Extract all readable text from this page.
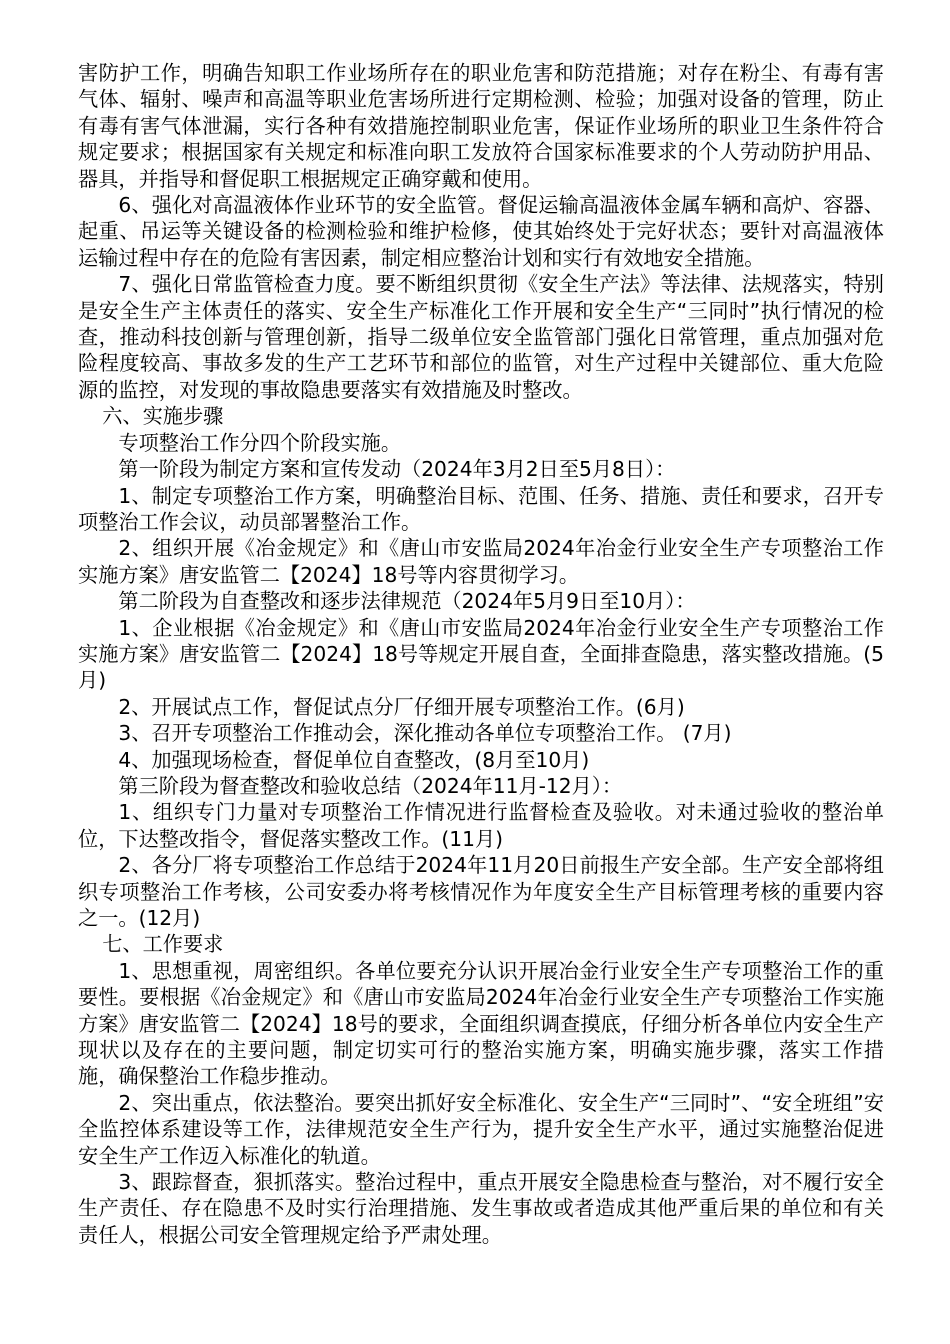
害防护工作，明确告知职工作业场所存在的职业危害和防范措施；对存在粉尘、有毒有害气体、辐射、噪声和高温等职业危害场所进行定期检测、检验；加强对设备的管理，防止有毒有害气体泄漏，实行各种有效措施控制职业危害，保证作业场所的职业卫生条件符合规定要求；根据国家有关规定和标准向职工发放符合国家标准要求的个人劳动防护用品、器具，并指导和督促职工根据规定正确穿戴和使用。

6、强化对高温液体作业环节的安全监管。督促运输高温液体金属车辆和高炉、容器、起重、吊运等关键设备的检测检验和维护检修，使其始终处于完好状态；要针对高温液体运输过程中存在的危险有害因素，制定相应整治计划和实行有效地安全措施。

7、强化日常监管检查力度。要不断组织贯彻《安全生产法》等法律、法规落实，特别是安全生产主体责任的落实、安全生产标准化工作开展和安全生产“三同时”执行情况的检查，推动科技创新与管理创新，指导二级单位安全监管部门强化日常管理，重点加强对危险程度较高、事故多发的生产工艺环节和部位的监管，对生产过程中关键部位、重大危险源的监控，对发现的事故隐患要落实有效措施及时整改。

六、实施步骤

专项整治工作分四个阶段实施。

第一阶段为制定方案和宣传发动（2024年3月2日至5月8日）：

1、制定专项整治工作方案，明确整治目标、范围、任务、措施、责任和要求，召开专项整治工作会议，动员部署整治工作。

2、组织开展《冶金规定》和《唐山市安监局2024年冶金行业安全生产专项整治工作实施方案》唐安监管二【2024】18号等内容贯彻学习。

第二阶段为自查整改和逐步法律规范（2024年5月9日至10月）：

1、企业根据《冶金规定》和《唐山市安监局2024年冶金行业安全生产专项整治工作实施方案》唐安监管二【2024】18号等规定开展自查，全面排查隐患，落实整改措施。(5月)

2、开展试点工作，督促试点分厂仔细开展专项整治工作。(6月)

3、召开专项整治工作推动会，深化推动各单位专项整治工作。 (7月)

4、加强现场检查，督促单位自查整改，(8月至10月)

第三阶段为督查整改和验收总结（2024年11月-12月）：

1、组织专门力量对专项整治工作情况进行监督检查及验收。对未通过验收的整治单位，下达整改指令，督促落实整改工作。(11月)

2、各分厂将专项整治工作总结于2024年11月20日前报生产安全部。生产安全部将组织专项整治工作考核，公司安委办将考核情况作为年度安全生产目标管理考核的重要内容之一。(12月)

七、工作要求

1、思想重视，周密组织。各单位要充分认识开展冶金行业安全生产专项整治工作的重要性。要根据《冶金规定》和《唐山市安监局2024年冶金行业安全生产专项整治工作实施方案》唐安监管二【2024】18号的要求，全面组织调查摸底，仔细分析各单位内安全生产现状以及存在的主要问题，制定切实可行的整治实施方案，明确实施步骤，落实工作措施，确保整治工作稳步推动。

2、突出重点，依法整治。要突出抓好安全标准化、安全生产“三同时”、“安全班组”安全监控体系建设等工作，法律规范安全生产行为，提升安全生产水平，通过实施整治促进安全生产工作迈入标准化的轨道。

3、跟踪督查，狠抓落实。整治过程中，重点开展安全隐患检查与整治，对不履行安全生产责任、存在隐患不及时实行治理措施、发生事故或者造成其他严重后果的单位和有关责任人，根据公司安全管理规定给予严肃处理。
